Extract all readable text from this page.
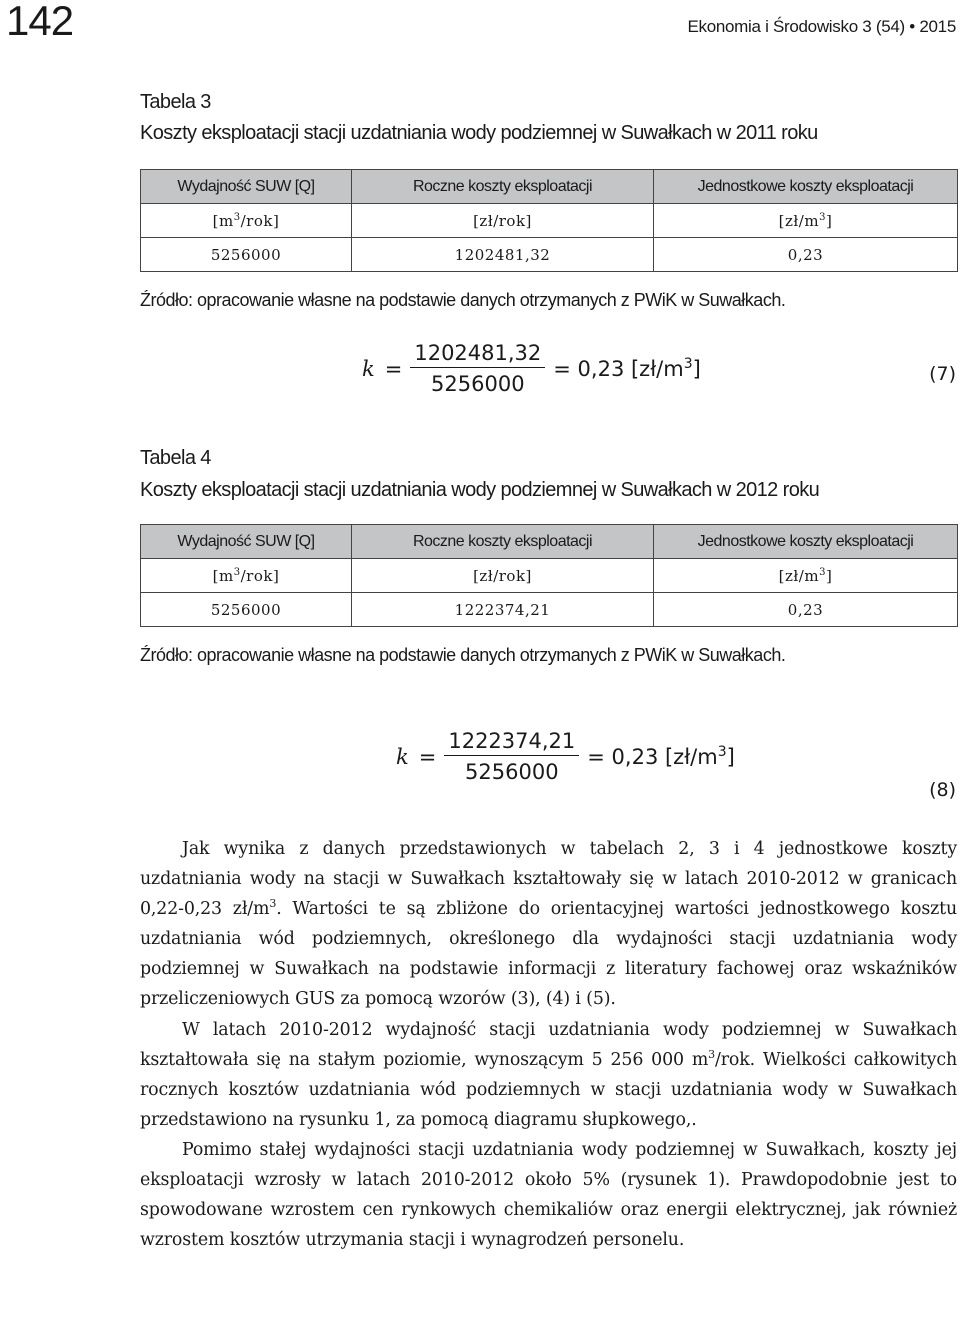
142	Ekonomia i Środowisko 3 (54) • 2015
Tabela 3
Koszty eksploatacji stacji uzdatniania wody podziemnej w Suwałkach w 2011 roku
Wydajność SUW [Q]	Roczne koszty eksploatacji	Jednostkowe koszty eksploatacji
$[m^3/rok]$	[zł/rok]	$[zł/m^3]$
5256000	1202481,32	0,23
Źródło: opracowanie własne na podstawie danych otrzymanych z PWiK w Suwałkach.
$k = \frac{1202481,32}{5256000} = 0,23$ $[zł/m^3]$	(7)
Tabela 4
Koszty eksploatacji stacji uzdatniania wody podziemnej w Suwałkach w 2012 roku
Wydajność SUW [Q]	Roczne koszty eksploatacji	Jednostkowe koszty eksploatacji
$[m^3/rok]$	[zł/rok]	$[zł/m^3]$
5256000	1222374,21	0,23
Źródło: opracowanie własne na podstawie danych otrzymanych z PWiK w Suwałkach.
$k = \frac{1222374,21}{5256000} = 0,23$ $[zł/m^3]$
(8)

Jak wynika z danych przedstawionych w tabelach 2, 3 i 4 jednostkowe koszty uzdatniania wody na stacji w Suwałkach kształtowały się w latach 2010-2012 w granicach 0,22-0,23 $zł/m^3$. Wartości te są zbliżone do orientacyjnej wartości jednostkowego kosztu uzdatniania wód podziemnych, określonego dla wydajności stacji uzdatniania wody podziemnej w Suwałkach na podstawie informacji z literatury fachowej oraz wskaźników przeliczeniowych GUS za pomocą wzorów (3), (4) i (5).

W latach 2010-2012 wydajność stacji uzdatniania wody podziemnej w Suwałkach kształtowała się na stałym poziomie, wynoszącym 5 256 000 $m^3$/rok. Wielkości całkowitych rocznych kosztów uzdatniania wód podziemnych w stacji uzdatniania wody w Suwałkach przedstawiono na rysunku 1, za pomocą diagramu słupkowego,.

Pomimo stałej wydajności stacji uzdatniania wody podziemnej w Suwałkach, koszty jej eksploatacji wzrosły w latach 2010-2012 około 5% (rysunek 1). Prawdopodobnie jest to spowodowane wzrostem cen rynkowych chemikaliów oraz energii elektrycznej, jak również wzrostem kosztów utrzymania stacji i wynagrodzeń personelu.
